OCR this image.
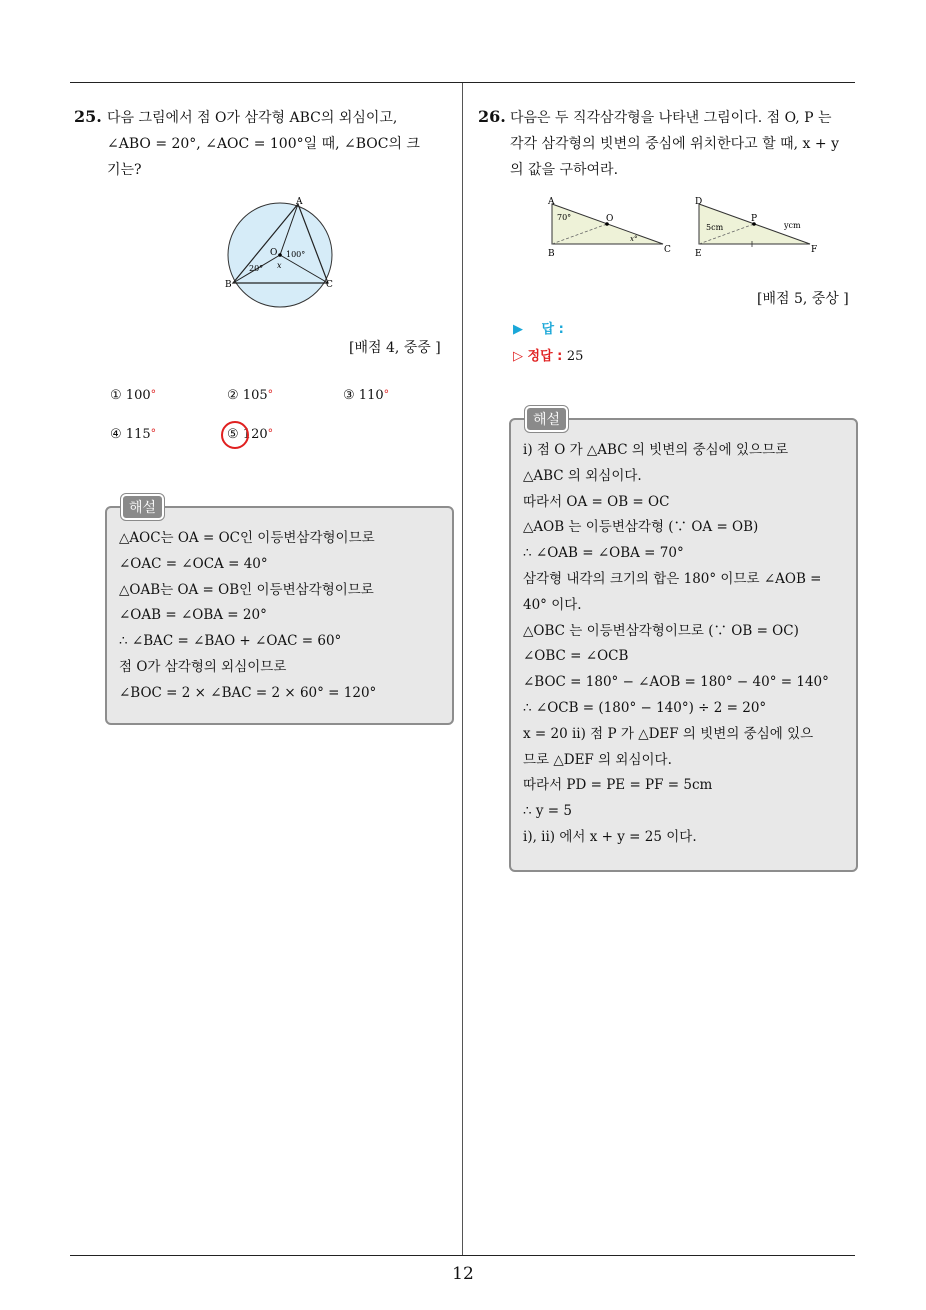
12
25. 다음 그림에서 점 O가 삼각형 ABC의 외심이고,
∠ABO = 20°, ∠AOC = 100°일 때, ∠BOC의 크
기는?
A
B	C
O 100°
20° x
[배점 4, 중중 ]
① 100°	② 105°	③ 110°
④ 115°	⑤ 120°
해설
△AOC는 OA = OC인 이등변삼각형이므로
∠OAC = ∠OCA = 40°
△OAB는 OA = OB인 이등변삼각형이므로
∠OAB = ∠OBA = 20°
∴ ∠BAC = ∠BAO + ∠OAC = 60°
점 O가 삼각형의 외심이므로
∠BOC = 2 × ∠BAC = 2 × 60° = 120°
26. 다음은 두 직각삼각형을 나타낸 그림이다. 점 O, P 는
각각 삼각형의 빗변의 중심에 위치한다고 할 때, x + y
의 값을 구하여라.
A
B	C
O
70°
x°
D
E	F
P
5cm	ycm
[배점 5, 중상 ]
▶ 답 :
▷ 정답 : 25
해설
i) 점 O 가 △ABC 의 빗변의 중심에 있으므로
△ABC 의 외심이다.
따라서 OA = OB = OC
△AOB 는 이등변삼각형 (∵ OA = OB)
∴ ∠OAB = ∠OBA = 70°
삼각형 내각의 크기의 합은 180° 이므로 ∠AOB =
40° 이다.
△OBC 는 이등변삼각형이므로 (∵ OB = OC)
∠OBC = ∠OCB
∠BOC = 180° − ∠AOB = 180° − 40° = 140°
∴ ∠OCB = (180° − 140°) ÷ 2 = 20°
x = 20 ii) 점 P 가 △DEF 의 빗변의 중심에 있으
므로 △DEF 의 외심이다.
따라서 PD = PE = PF = 5cm
∴ y = 5
i), ii) 에서 x + y = 25 이다.
